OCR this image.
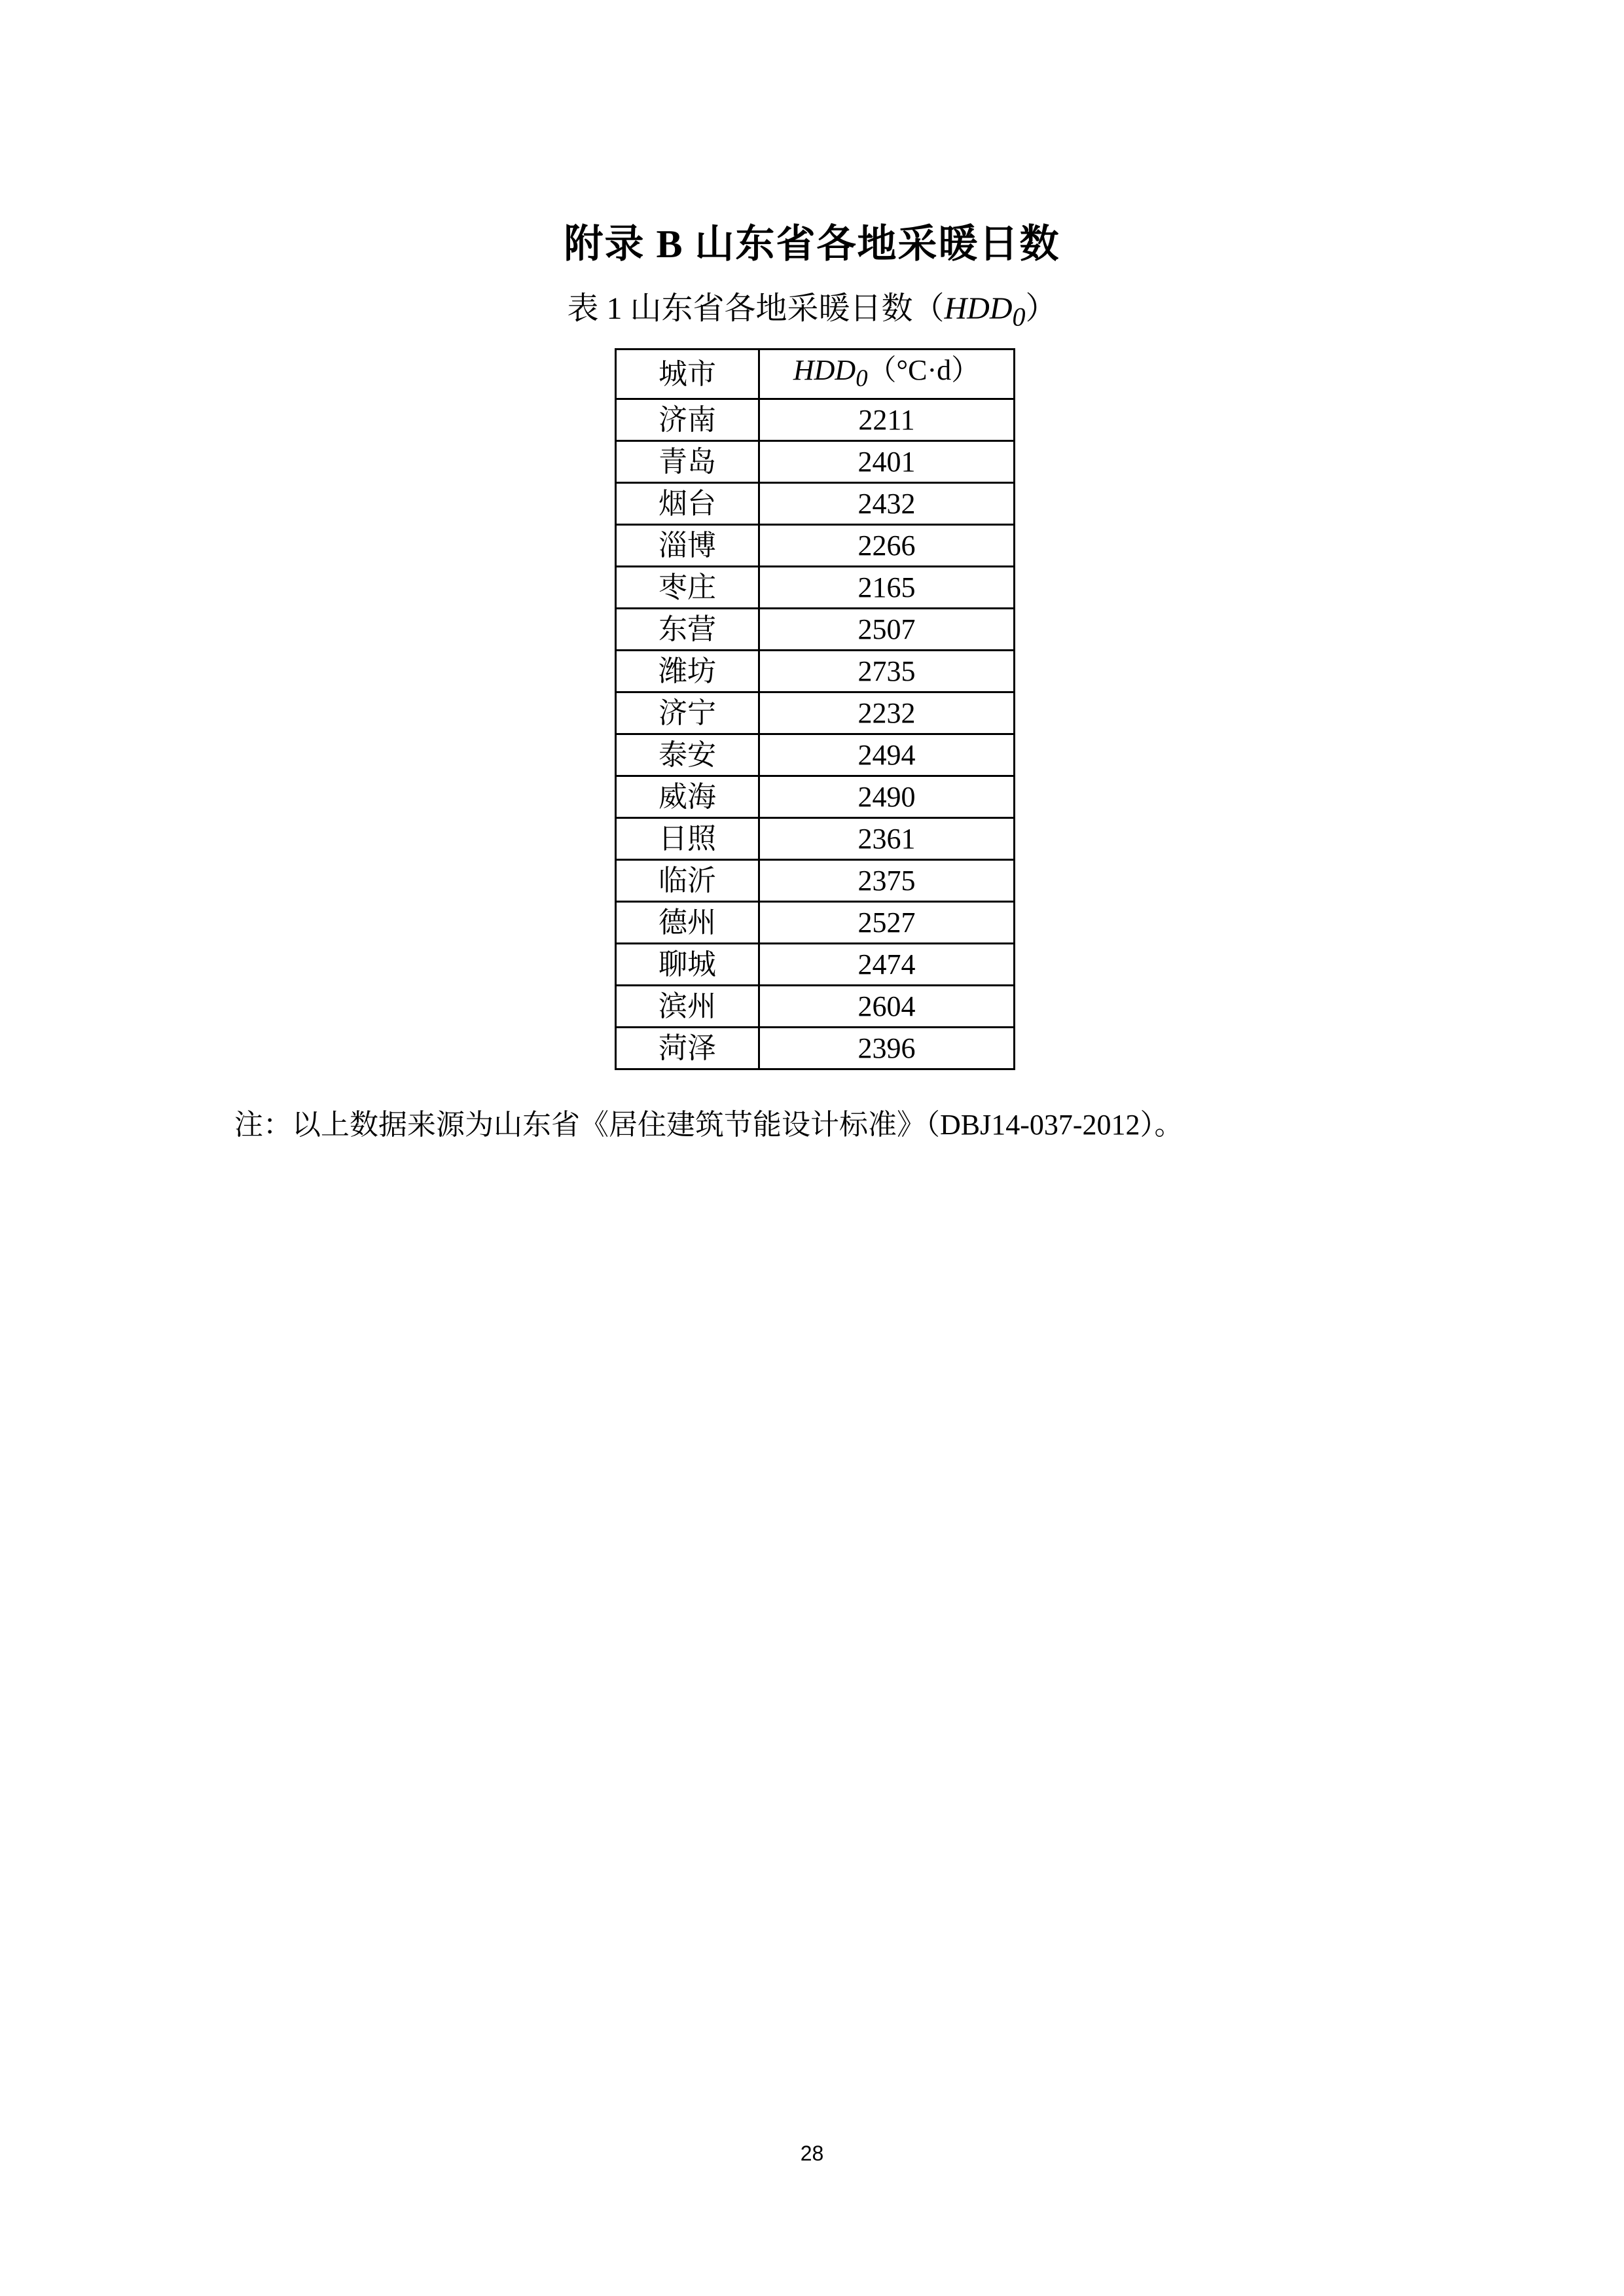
附录 B 山东省各地采暖日数
表 1 山东省各地采暖日数$(HDD_0)$
城市	$HDD_0(^\circ C\cdot d)$
济南	2211
青岛	2401
烟台	2432
淄博	2266
枣庄	2165
东营	2507
潍坊	2735
济宁	2232
泰安	2494
威海	2490
日照	2361
临沂	2375
德州	2527
聊城	2474
滨州	2604
菏泽	2396
注：以上数据来源为山东省《居住建筑节能设计标准》（DBJ14-037-2012）。
28
